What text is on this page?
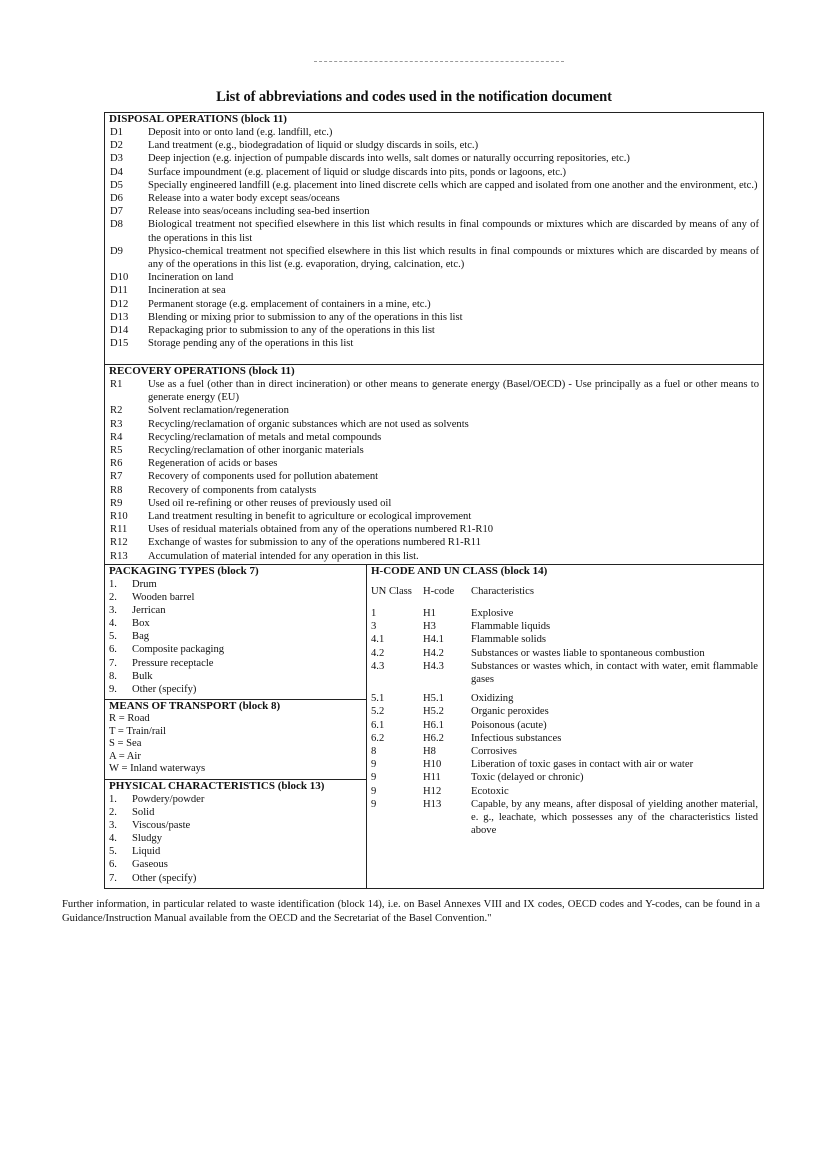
List of abbreviations and codes used in the notification document
DISPOSAL OPERATIONS (block 11)
D1	Deposit into or onto land (e.g. landfill, etc.)
D2	Land treatment (e.g., biodegradation of liquid or sludgy discards in soils, etc.)
D3	Deep injection (e.g. injection of pumpable discards into wells, salt domes or naturally occurring repositories, etc.)
D4	Surface impoundment (e.g. placement of liquid or sludge discards into pits, ponds or lagoons, etc.)
D5	Specially engineered landfill (e.g. placement into lined discrete cells which are capped and isolated from one another and the environment, etc.)
D6	Release into a water body except seas/oceans
D7	Release into seas/oceans including sea-bed insertion
D8	Biological treatment not specified elsewhere in this list which results in final compounds or mixtures which are discarded by means of any of the operations in this list
D9	Physico-chemical treatment not specified elsewhere in this list which results in final compounds or mixtures which are discarded by means of any of the operations in this list (e.g. evaporation, drying, calcination, etc.)
D10	Incineration on land
D11	Incineration at sea
D12	Permanent storage (e.g. emplacement of containers in a mine, etc.)
D13	Blending or mixing prior to submission to any of the operations in this list
D14	Repackaging prior to submission to any of the operations in this list
D15	Storage pending any of the operations in this list
RECOVERY OPERATIONS (block 11)
R1	Use as a fuel (other than in direct incineration) or other means to generate energy (Basel/OECD) - Use principally as a fuel or other means to generate energy (EU)
R2	Solvent reclamation/regeneration
R3	Recycling/reclamation of organic substances which are not used as solvents
R4	Recycling/reclamation of metals and metal compounds
R5	Recycling/reclamation of other inorganic materials
R6	Regeneration of acids or bases
R7	Recovery of components used for pollution abatement
R8	Recovery of components from catalysts
R9	Used oil re-refining or other reuses of previously used oil
R10	Land treatment resulting in benefit to agriculture or ecological improvement
R11	Uses of residual materials obtained from any of the operations numbered R1-R10
R12	Exchange of wastes for submission to any of the operations numbered R1-R11
R13	Accumulation of material intended for any operation in this list.
PACKAGING TYPES (block 7)
1.	Drum
2.	Wooden barrel
3.	Jerrican
4.	Box
5.	Bag
6.	Composite packaging
7.	Pressure receptacle
8.	Bulk
9.	Other (specify)
MEANS OF TRANSPORT (block 8)
R = Road
T = Train/rail
S = Sea
A = Air
W = Inland waterways
PHYSICAL CHARACTERISTICS (block 13)
1.	Powdery/powder
2.	Solid
3.	Viscous/paste
4.	Sludgy
5.	Liquid
6.	Gaseous
7.	Other (specify)
H-CODE AND UN CLASS (block 14)
UN Class	H-code	Characteristics
1	H1	Explosive
3	H3	Flammable liquids
4.1	H4.1	Flammable solids
4.2	H4.2	Substances or wastes liable to spontaneous combustion
4.3	H4.3	Substances or wastes which, in contact with water, emit flammable gases
5.1	H5.1	Oxidizing
5.2	H5.2	Organic peroxides
6.1	H6.1	Poisonous (acute)
6.2	H6.2	Infectious substances
8	H8	Corrosives
9	H10	Liberation of toxic gases in contact with air or water
9	H11	Toxic (delayed or chronic)
9	H12	Ecotoxic
9	H13	Capable, by any means, after disposal of yielding another material, e. g., leachate, which possesses any of the characteristics listed above
Further information, in particular related to waste identification (block 14), i.e. on Basel Annexes VIII and IX codes, OECD codes and Y-codes, can be found in a Guidance/Instruction Manual available from the OECD and the Secretariat of the Basel Convention."
